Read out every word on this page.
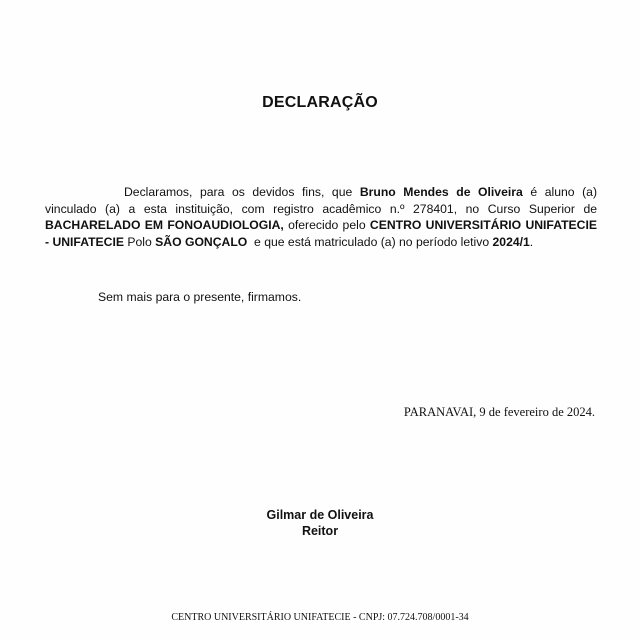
DECLARAÇÃO
Declaramos, para os devidos fins, que Bruno Mendes de Oliveira é aluno (a) vinculado (a) a esta instituição, com registro acadêmico n.º 278401, no Curso Superior de BACHARELADO EM FONOAUDIOLOGIA, oferecido pelo CENTRO UNIVERSITÁRIO UNIFATECIE - UNIFATECIE Polo SÃO GONÇALO  e que está matriculado (a) no período letivo 2024/1.
Sem mais para o presente, firmamos.
PARANAVAI, 9 de fevereiro de 2024.
Gilmar de Oliveira
Reitor
CENTRO UNIVERSITÁRIO UNIFATECIE - CNPJ: 07.724.708/0001-34
